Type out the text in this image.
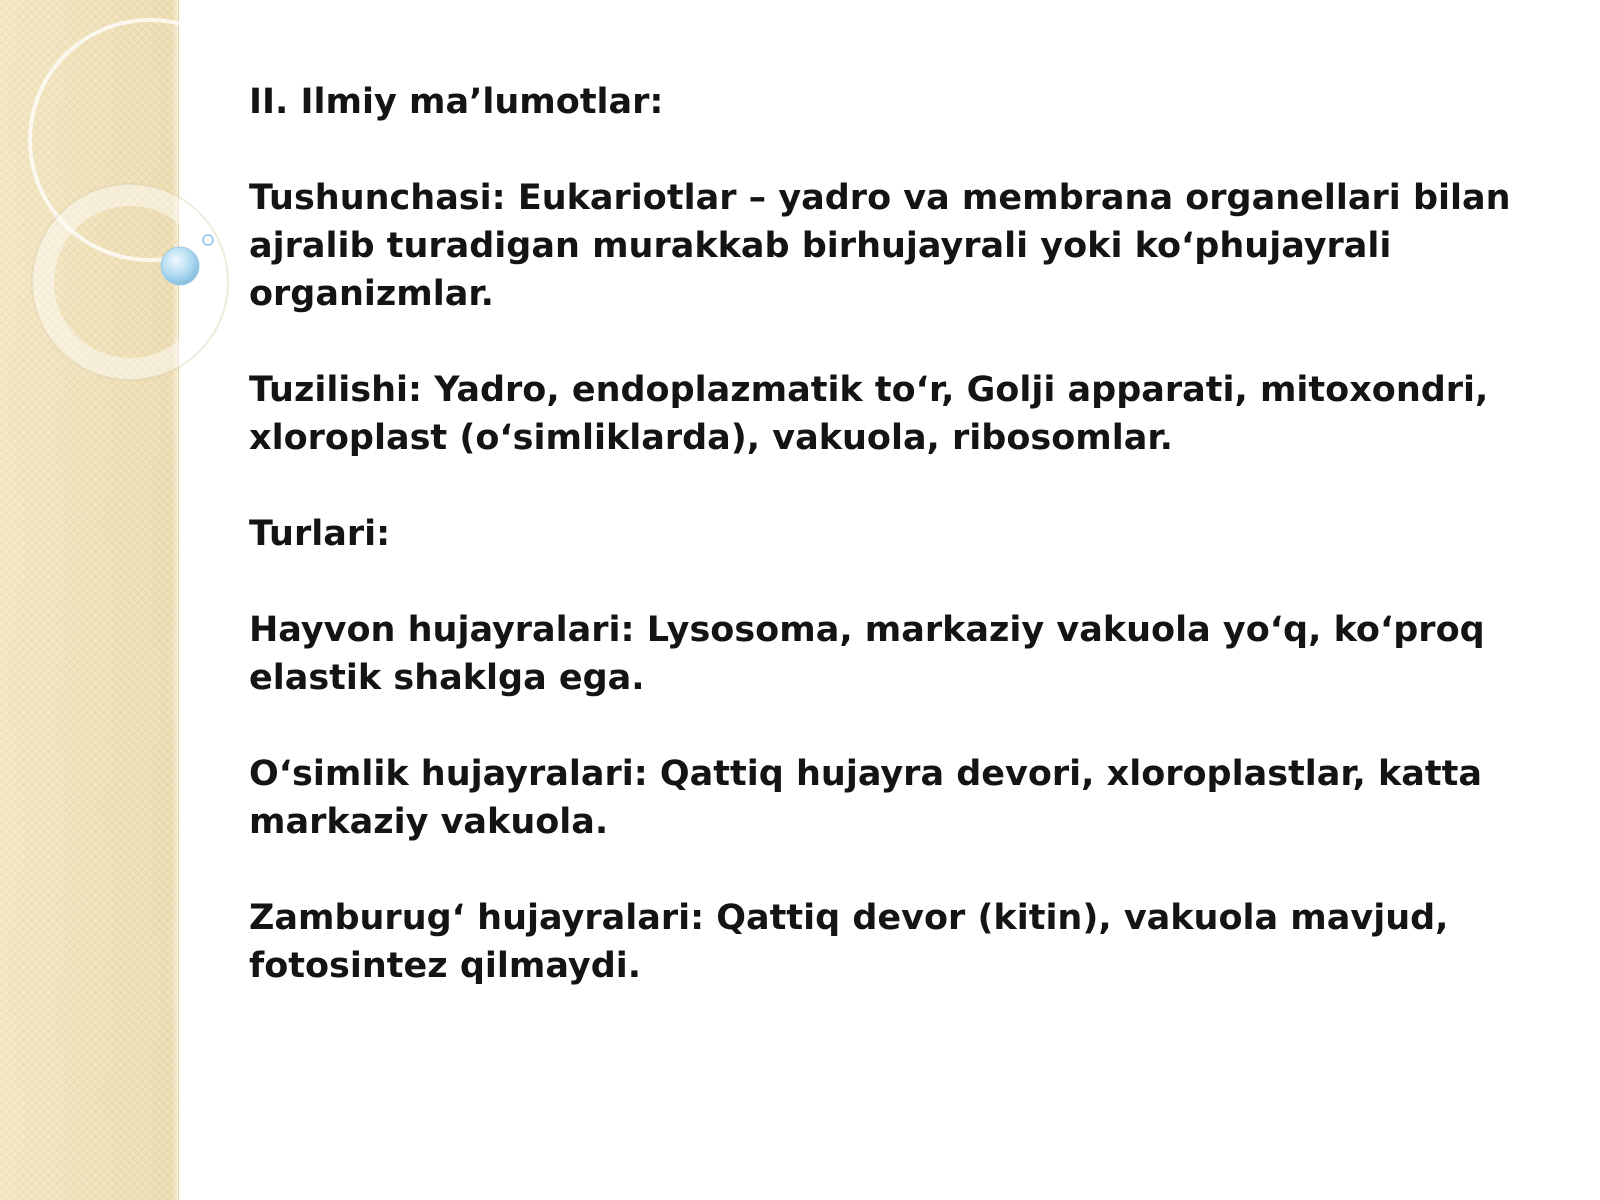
II. Ilmiy ma’lumotlar:

Tushunchasi: Eukariotlar – yadro va membrana organellari bilan ajralib turadigan murakkab birhujayrali yoki ko‘phujayrali organizmlar.

Tuzilishi: Yadro, endoplazmatik to‘r, Golji apparati, mitoxondri, xloroplast (o‘simliklarda), vakuola, ribosomlar.

Turlari:

Hayvon hujayralari: Lysosoma, markaziy vakuola yo‘q, ko‘proq elastik shaklga ega.

O‘simlik hujayralari: Qattiq hujayra devori, xloroplastlar, katta markaziy vakuola.

Zamburug‘ hujayralari: Qattiq devor (kitin), vakuola mavjud, fotosintez qilmaydi.
